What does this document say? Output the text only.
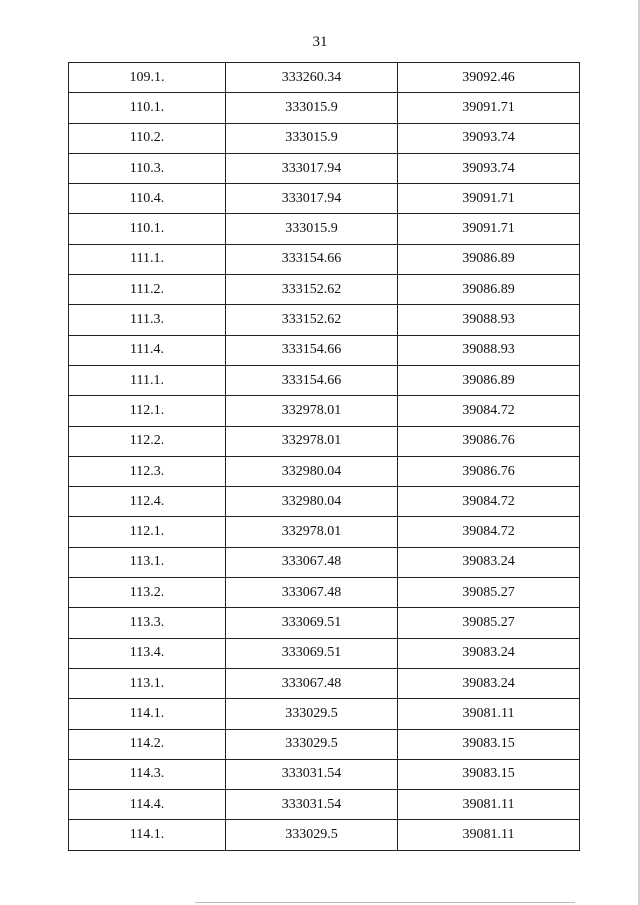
31
109.1.	333260.34	39092.46
110.1.	333015.9	39091.71
110.2.	333015.9	39093.74
110.3.	333017.94	39093.74
110.4.	333017.94	39091.71
110.1.	333015.9	39091.71
111.1.	333154.66	39086.89
111.2.	333152.62	39086.89
111.3.	333152.62	39088.93
111.4.	333154.66	39088.93
111.1.	333154.66	39086.89
112.1.	332978.01	39084.72
112.2.	332978.01	39086.76
112.3.	332980.04	39086.76
112.4.	332980.04	39084.72
112.1.	332978.01	39084.72
113.1.	333067.48	39083.24
113.2.	333067.48	39085.27
113.3.	333069.51	39085.27
113.4.	333069.51	39083.24
113.1.	333067.48	39083.24
114.1.	333029.5	39081.11
114.2.	333029.5	39083.15
114.3.	333031.54	39083.15
114.4.	333031.54	39081.11
114.1.	333029.5	39081.11
